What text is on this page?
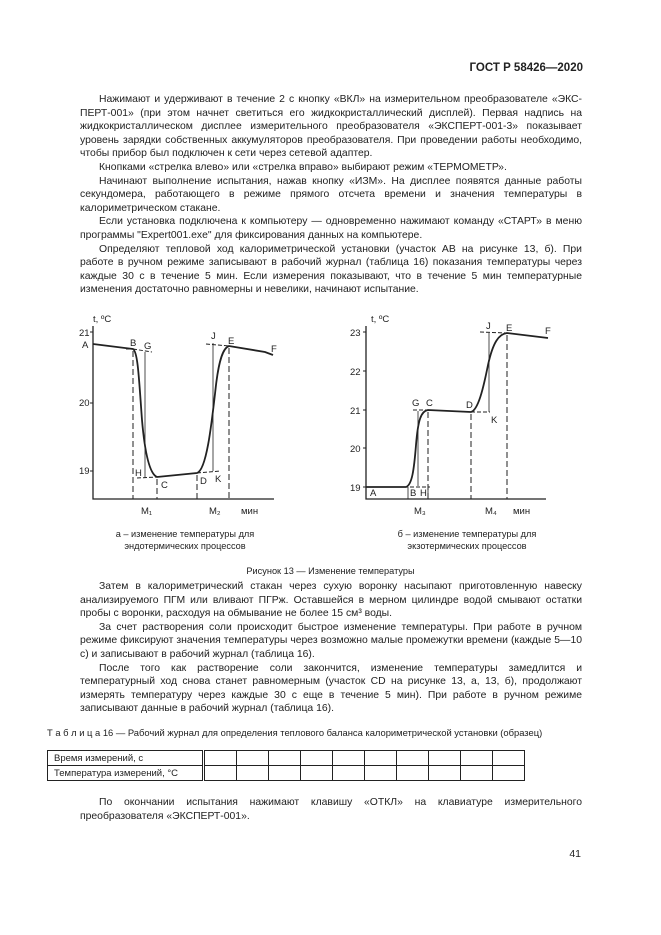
ГОСТ Р 58426—2020

Нажимают и удерживают в течение 2 с кнопку «ВКЛ» на измерительном преобразователе «ЭКС-ПЕРТ-001» (при этом начнет светиться его жидкокристаллический дисплей). Первая надпись на жидкокристаллическом дисплее измерительного преобразователя «ЭКСПЕРТ-001-3» показывает уровень зарядки собственных аккумуляторов преобразователя. При проведении работы необходимо, чтобы прибор был подключен к сети через сетевой адаптер.

Кнопками «стрелка влево» или «стрелка вправо» выбирают режим «ТЕРМОМЕТР».

Начинают выполнение испытания, нажав кнопку «ИЗМ». На дисплее появятся данные работы секундомера, работающего в режиме прямого отсчета времени и значения температуры в калориметрическом стакане.

Если установка подключена к компьютеру — одновременно нажимают команду «СТАРТ» в меню программы "Expert001.exe" для фиксирования данных на компьютере.

Определяют тепловой ход калориметрической установки (участок АВ на рисунке 13, б). При работе в ручном режиме записывают в рабочий журнал (таблица 16) показания температуры через каждые 30 с в течение 5 мин. Если измерения показывают, что в течение 5 мин температурные изменения достаточно равномерны и невелики, начинают испытание.

t, ºC
21
20
19
A	B G
C	D
E
F
J
H
K
M₁	M₂ мин
t, ºC
23
22
21
20
19 A	B H
G C	D
K
J E	F
M₃	M₄ мин
а – изменение температуры для
эндотермических процессов
б – изменение температуры для
экзотермических процессов
Рисунок 13 — Изменение температуры

Затем в калориметрический стакан через сухую воронку насыпают приготовленную навеску анализируемого ПГМ или вливают ПГРж. Оставшейся в мерном цилиндре водой смывают остатки пробы с воронки, расходуя на обмывание не более 15 см³ воды.

За счет растворения соли происходит быстрое изменение температуры. При работе в ручном режиме фиксируют значения температуры через возможно малые промежутки времени (каждые 5—10 с) и записывают в рабочий журнал (таблица 16).

После того как растворение соли закончится, изменение температуры замедлится и температурный ход снова станет равномерным (участок CD на рисунке 13, а, 13, б), продолжают измерять температуру через каждые 30 с еще в течение 5 мин). При работе в ручном режиме записывают данные в рабочий журнал (таблица 16).

Т а б л и ц а 16 — Рабочий журнал для определения теплового баланса калориметрической установки (образец)
Время измерений, с										
Температура измерений, °C										

По окончании испытания нажимают клавишу «ОТКЛ» на клавиатуре измерительного преобразователя «ЭКСПЕРТ-001».

41
